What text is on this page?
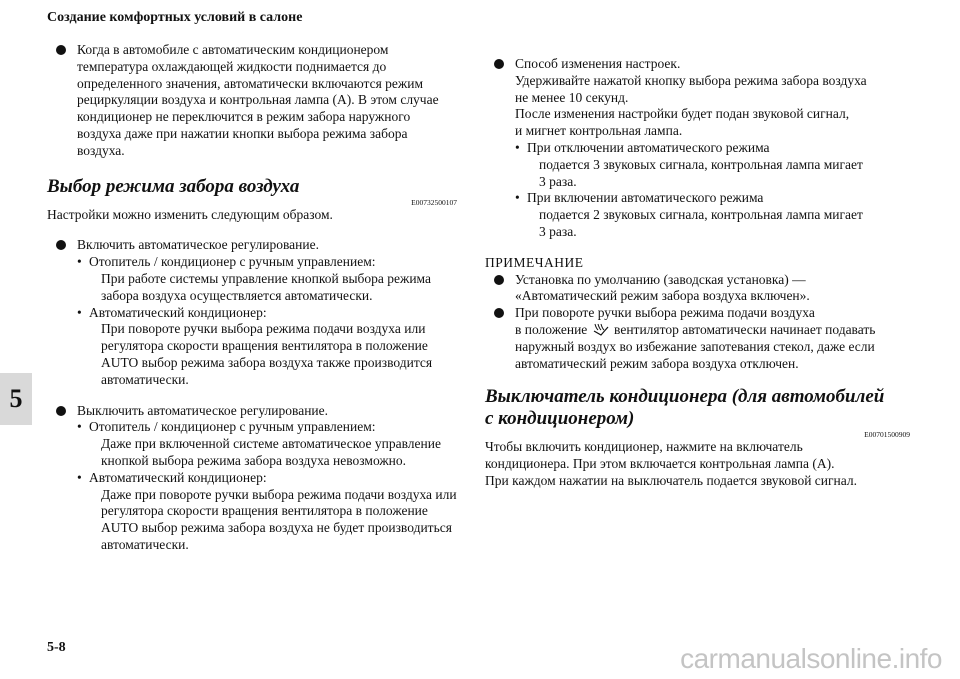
Создание комфортных условий в салоне
5
Когда в автомобиле с автоматическим кондиционером
температура охлаждающей жидкости поднимается до
определенного значения, автоматически включаются режим
рециркуляции воздуха и контрольная лампа (A). В этом случае
кондиционер не переключится в режим забора наружного
воздуха даже при нажатии кнопки выбора режима забора
воздуха.
Выбор режима забора воздуха
E00732500107
Настройки можно изменить следующим образом.
Включить автоматическое регулирование.
• Отопитель / кондиционер с ручным управлением:
При работе системы управление кнопкой выбора режима
забора воздуха осуществляется автоматически.
• Автоматический кондиционер:
При повороте ручки выбора режима подачи воздуха или
регулятора скорости вращения вентилятора в положение
AUTO выбор режима забора воздуха также производится
автоматически.
Выключить автоматическое регулирование.
• Отопитель / кондиционер с ручным управлением:
Даже при включенной системе автоматическое управление
кнопкой выбора режима забора воздуха невозможно.
• Автоматический кондиционер:
Даже при повороте ручки выбора режима подачи воздуха или
регулятора скорости вращения вентилятора в положение
AUTO выбор режима забора воздуха не будет производиться
автоматически.
Способ изменения настроек.
Удерживайте нажатой кнопку выбора режима забора воздуха
не менее 10 секунд.
После изменения настройки будет подан звуковой сигнал,
и мигнет контрольная лампа.
• При отключении автоматического режима
подается 3 звуковых сигнала, контрольная лампа мигает
3 раза.
• При включении автоматического режима
подается 2 звуковых сигнала, контрольная лампа мигает
3 раза.
ПРИМЕЧАНИЕ
Установка по умолчанию (заводская установка) —
«Автоматический режим забора воздуха включен».
При повороте ручки выбора режима подачи воздуха
в положение вентилятор автоматически начинает подавать
наружный воздух во избежание запотевания стекол, даже если
автоматический режим забора воздуха отключен.
Выключатель кондиционера (для автомобилей
с кондиционером)
E00701500909
Чтобы включить кондиционер, нажмите на включатель
кондиционера. При этом включается контрольная лампа (A).
При каждом нажатии на выключатель подается звуковой сигнал.
5-8	carmanualsonline.info
